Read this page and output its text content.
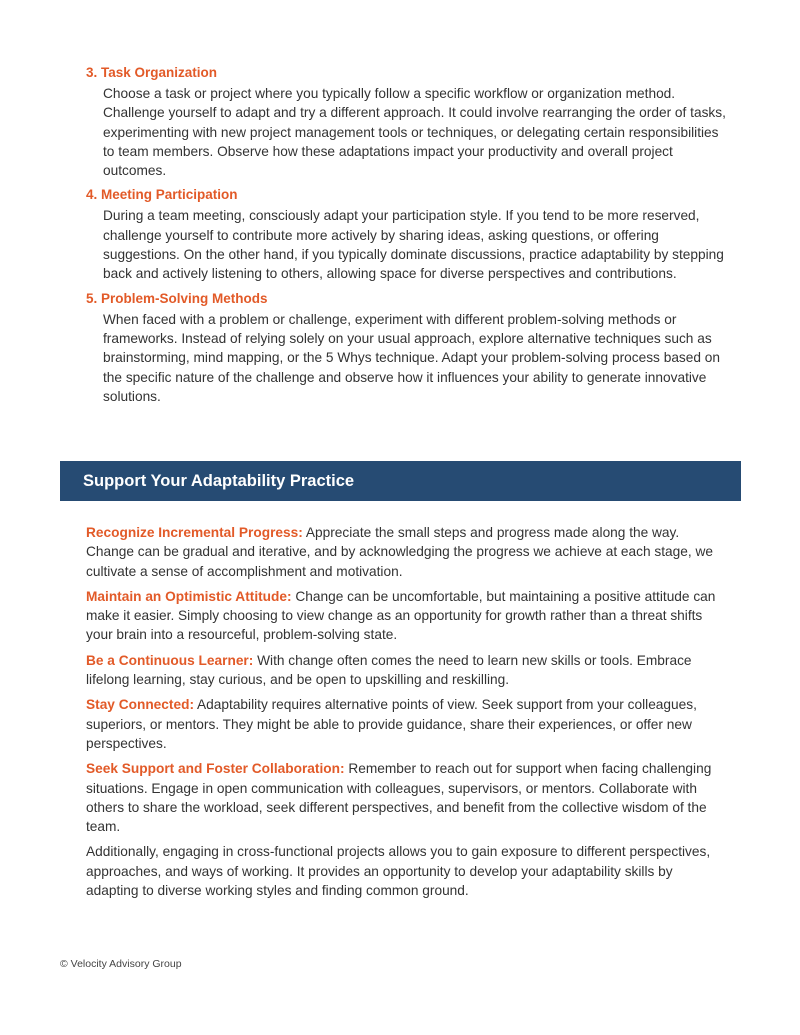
3. Task Organization
Choose a task or project where you typically follow a specific workflow or organization method. Challenge yourself to adapt and try a different approach. It could involve rearranging the order of tasks, experimenting with new project management tools or techniques, or delegating certain responsibilities to team members. Observe how these adaptations impact your productivity and overall project outcomes.
4. Meeting Participation
During a team meeting, consciously adapt your participation style. If you tend to be more reserved, challenge yourself to contribute more actively by sharing ideas, asking questions, or offering suggestions. On the other hand, if you typically dominate discussions, practice adaptability by stepping back and actively listening to others, allowing space for diverse perspectives and contributions.
5. Problem-Solving Methods
When faced with a problem or challenge, experiment with different problem-solving methods or frameworks. Instead of relying solely on your usual approach, explore alternative techniques such as brainstorming, mind mapping, or the 5 Whys technique. Adapt your problem-solving process based on the specific nature of the challenge and observe how it influences your ability to generate innovative solutions.
Support Your Adaptability Practice

Recognize Incremental Progress: Appreciate the small steps and progress made along the way. Change can be gradual and iterative, and by acknowledging the progress we achieve at each stage, we cultivate a sense of accomplishment and motivation.

Maintain an Optimistic Attitude: Change can be uncomfortable, but maintaining a positive attitude can make it easier. Simply choosing to view change as an opportunity for growth rather than a threat shifts your brain into a resourceful, problem-solving state.

Be a Continuous Learner: With change often comes the need to learn new skills or tools. Embrace lifelong learning, stay curious, and be open to upskilling and reskilling.

Stay Connected: Adaptability requires alternative points of view. Seek support from your colleagues, superiors, or mentors. They might be able to provide guidance, share their experiences, or offer new perspectives.

Seek Support and Foster Collaboration: Remember to reach out for support when facing challenging situations. Engage in open communication with colleagues, supervisors, or mentors. Collaborate with others to share the workload, seek different perspectives, and benefit from the collective wisdom of the team.

Additionally, engaging in cross-functional projects allows you to gain exposure to different perspectives, approaches, and ways of working. It provides an opportunity to develop your adaptability skills by adapting to diverse working styles and finding common ground.

© Velocity Advisory Group
